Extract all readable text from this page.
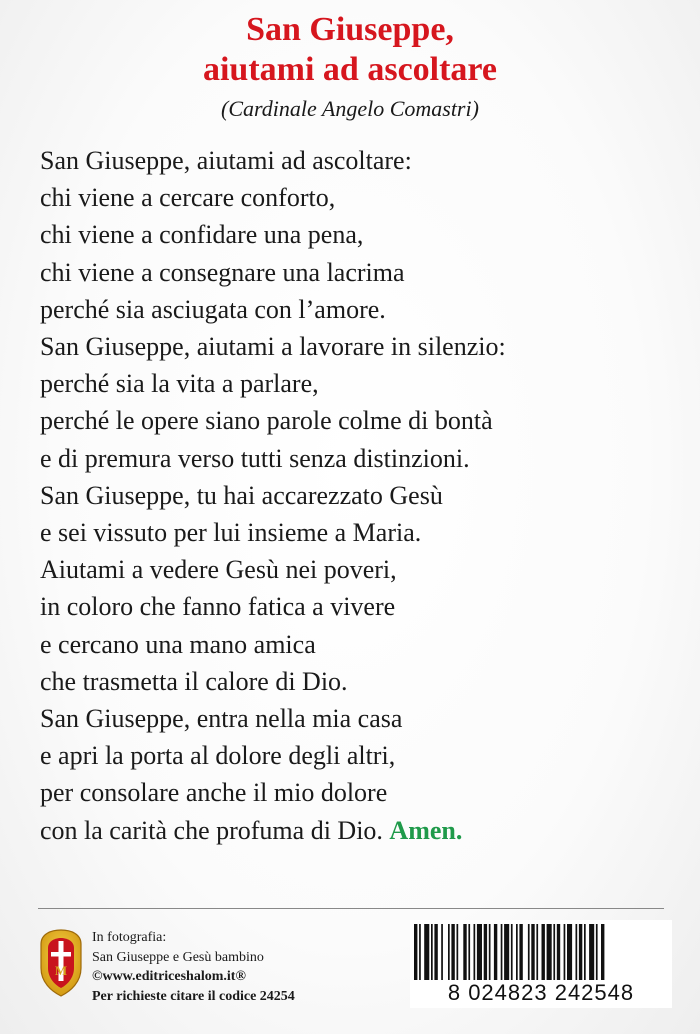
San Giuseppe,
aiutami ad ascoltare
(Cardinale Angelo Comastri)
San Giuseppe, aiutami ad ascoltare:
chi viene a cercare conforto,
chi viene a confidare una pena,
chi viene a consegnare una lacrima
perché sia asciugata con l’amore.
San Giuseppe, aiutami a lavorare in silenzio:
perché sia la vita a parlare,
perché le opere siano parole colme di bontà
e di premura verso tutti senza distinzioni.
San Giuseppe, tu hai accarezzato Gesù
e sei vissuto per lui insieme a Maria.
Aiutami a vedere Gesù nei poveri,
in coloro che fanno fatica a vivere
e cercano una mano amica
che trasmetta il calore di Dio.
San Giuseppe, entra nella mia casa
e apri la porta al dolore degli altri,
per consolare anche il mio dolore
con la carità che profuma di Dio. Amen.
M
In fotografia:
San Giuseppe e Gesù bambino
©www.editriceshalom.it®
Per richieste citare il codice 24254	8 024823 242548
